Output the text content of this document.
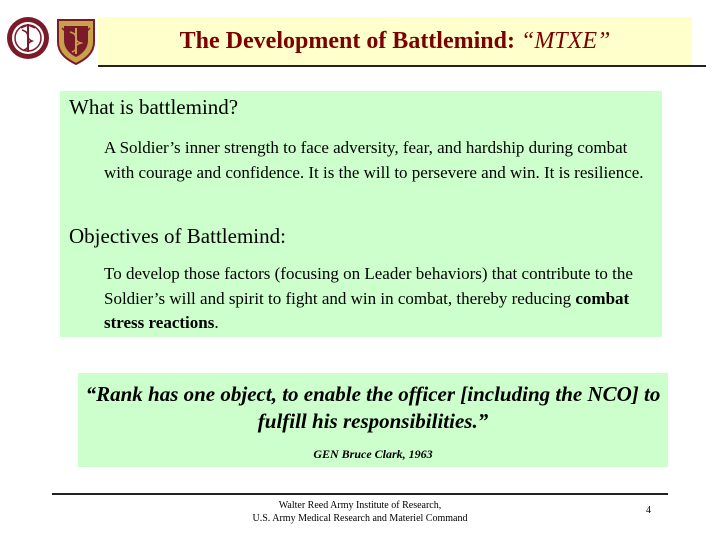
The Development of Battlemind: “MTXE”
What is battlemind?
A Soldier’s inner strength to face adversity, fear, and hardship during combat with courage and confidence. It is the will to persevere and win. It is resilience.
Objectives of Battlemind:
To develop those factors (focusing on Leader behaviors) that contribute to the Soldier’s will and spirit to fight and win in combat, thereby reducing combat stress reactions.
“Rank has one object, to enable the officer [including the NCO] to fulfill his responsibilities.”
GEN Bruce Clark, 1963
Walter Reed Army Institute of Research,
U.S. Army Medical Research and Materiel Command
4
